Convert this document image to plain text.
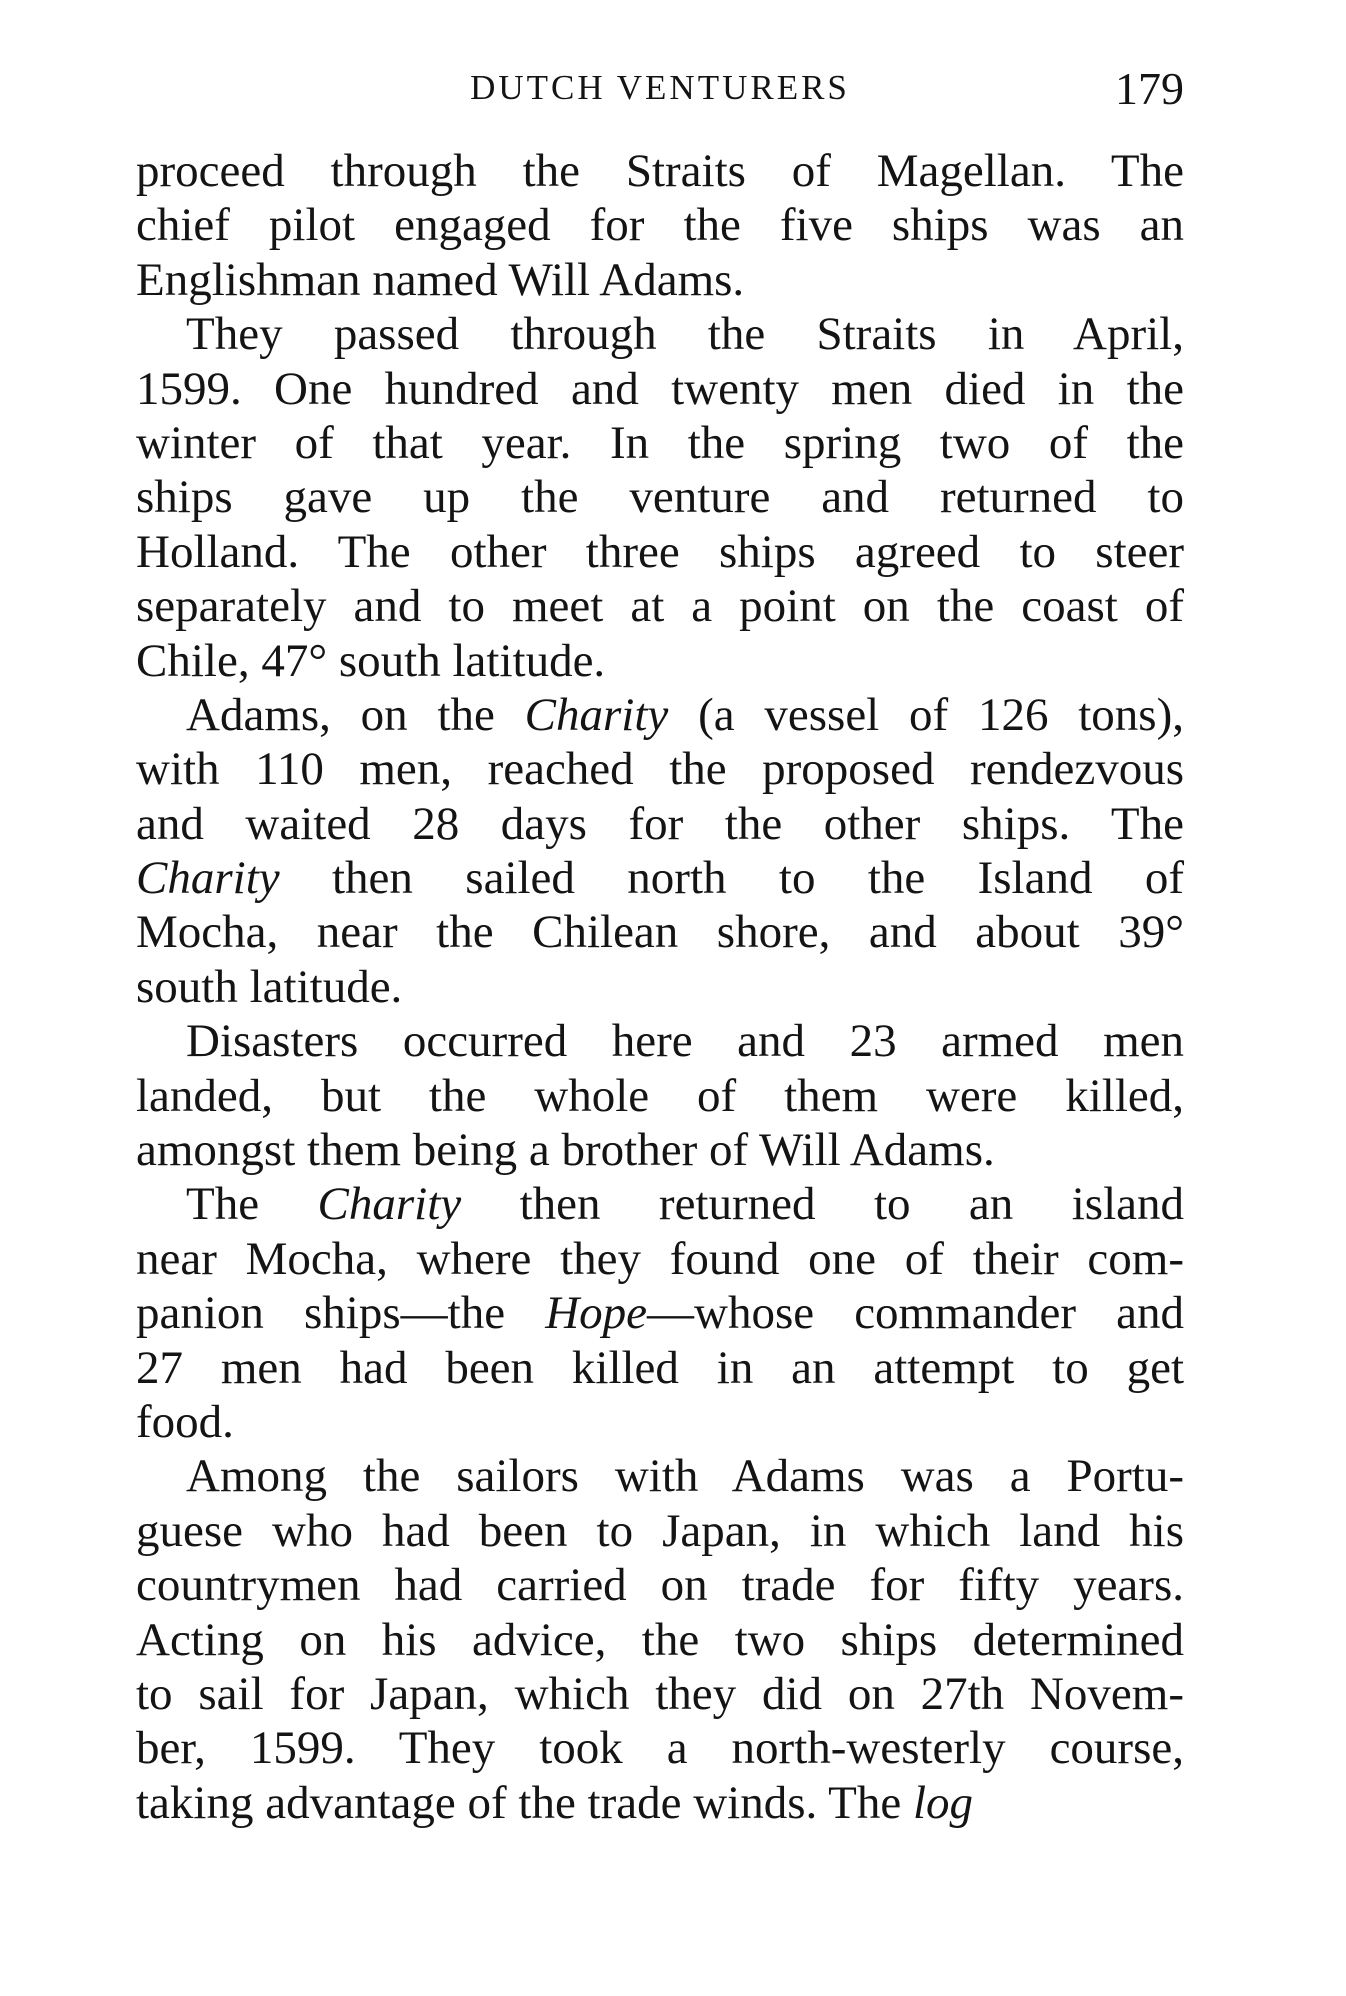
DUTCH VENTURERS	179
proceed through the Straits of Magellan. The
chief pilot engaged for the five ships was an
Englishman named Will Adams.
They passed through the Straits in April,
1599. One hundred and twenty men died in the
winter of that year. In the spring two of the
ships gave up the venture and returned to
Holland. The other three ships agreed to steer
separately and to meet at a point on the coast of
Chile, 47° south latitude.
Adams, on the Charity (a vessel of 126 tons),
with 110 men, reached the proposed rendezvous
and waited 28 days for the other ships. The
Charity then sailed north to the Island of
Mocha, near the Chilean shore, and about 39°
south latitude.
Disasters occurred here and 23 armed men
landed, but the whole of them were killed,
amongst them being a brother of Will Adams.
The Charity then returned to an island
near Mocha, where they found one of their com-
panion ships—the Hope—whose commander and
27 men had been killed in an attempt to get
food.
Among the sailors with Adams was a Portu-
guese who had been to Japan, in which land his
countrymen had carried on trade for fifty years.
Acting on his advice, the two ships determined
to sail for Japan, which they did on 27th Novem-
ber, 1599. They took a north-westerly course,
taking advantage of the trade winds. The log
